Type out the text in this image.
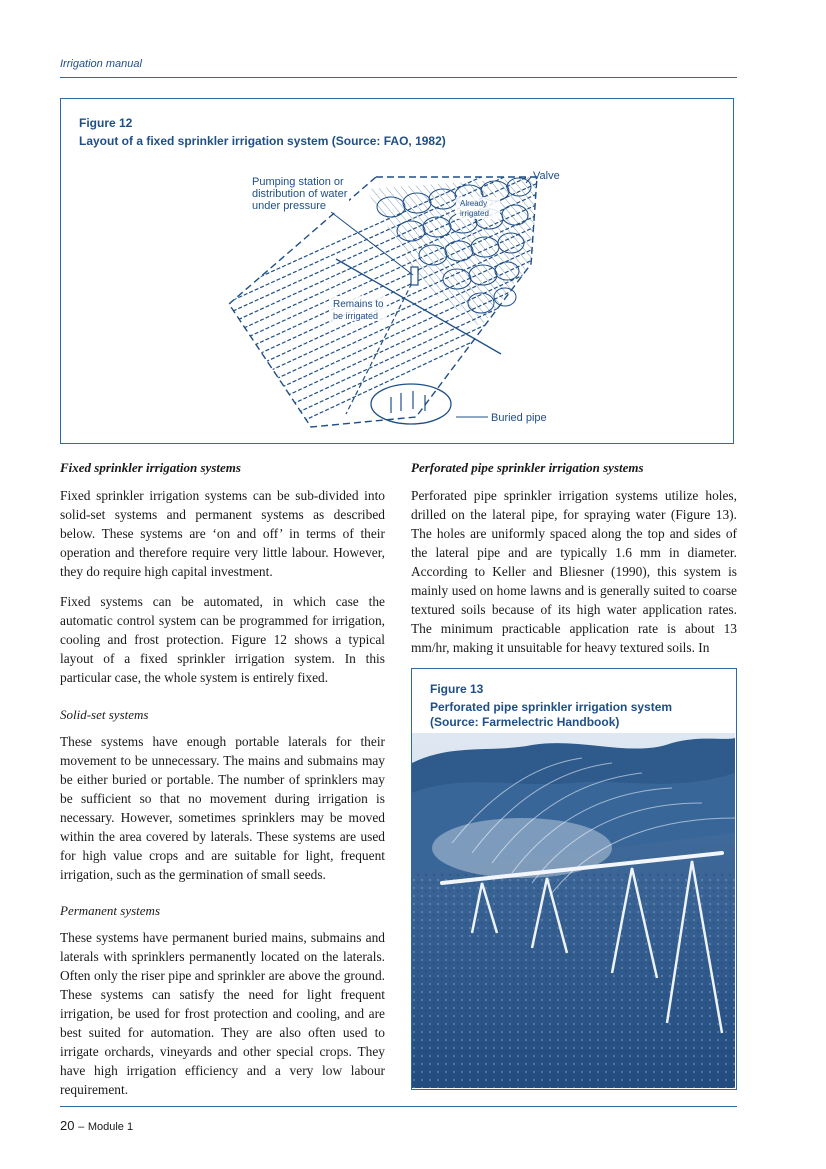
Irrigation manual
Figure 12
Layout of a fixed sprinkler irrigation system (Source: FAO, 1982)
Pumping station or
distribution of water
under pressure
Valve
Already
irrigated
Remains to
be irrigated
Buried pipe
Fixed sprinkler irrigation systems
Fixed sprinkler irrigation systems can be sub-divided into solid-set systems and permanent systems as described below. These systems are ‘on and off’ in terms of their operation and therefore require very little labour. However, they do require high capital investment.
Fixed systems can be automated, in which case the automatic control system can be programmed for irrigation, cooling and frost protection. Figure 12 shows a typical layout of a fixed sprinkler irrigation system. In this particular case, the whole system is entirely fixed.
Solid-set systems
These systems have enough portable laterals for their movement to be unnecessary. The mains and submains may be either buried or portable. The number of sprinklers may be sufficient so that no movement during irrigation is necessary. However, sometimes sprinklers may be moved within the area covered by laterals. These systems are used for high value crops and are suitable for light, frequent irrigation, such as the germination of small seeds.
Permanent systems
These systems have permanent buried mains, submains and laterals with sprinklers permanently located on the laterals. Often only the riser pipe and sprinkler are above the ground. These systems can satisfy the need for light frequent irrigation, be used for frost protection and cooling, and are best suited for automation. They are also often used to irrigate orchards, vineyards and other special crops. They have high irrigation efficiency and a very low labour requirement.
Perforated pipe sprinkler irrigation systems
Perforated pipe sprinkler irrigation systems utilize holes, drilled on the lateral pipe, for spraying water (Figure 13). The holes are uniformly spaced along the top and sides of the lateral pipe and are typically 1.6 mm in diameter. According to Keller and Bliesner (1990), this system is mainly used on home lawns and is generally suited to coarse textured soils because of its high water application rates. The minimum practicable application rate is about 13 mm/hr, making it unsuitable for heavy textured soils. In
Figure 13
Perforated pipe sprinkler irrigation system
(Source: Farmelectric Handbook)
20 – Module 1
